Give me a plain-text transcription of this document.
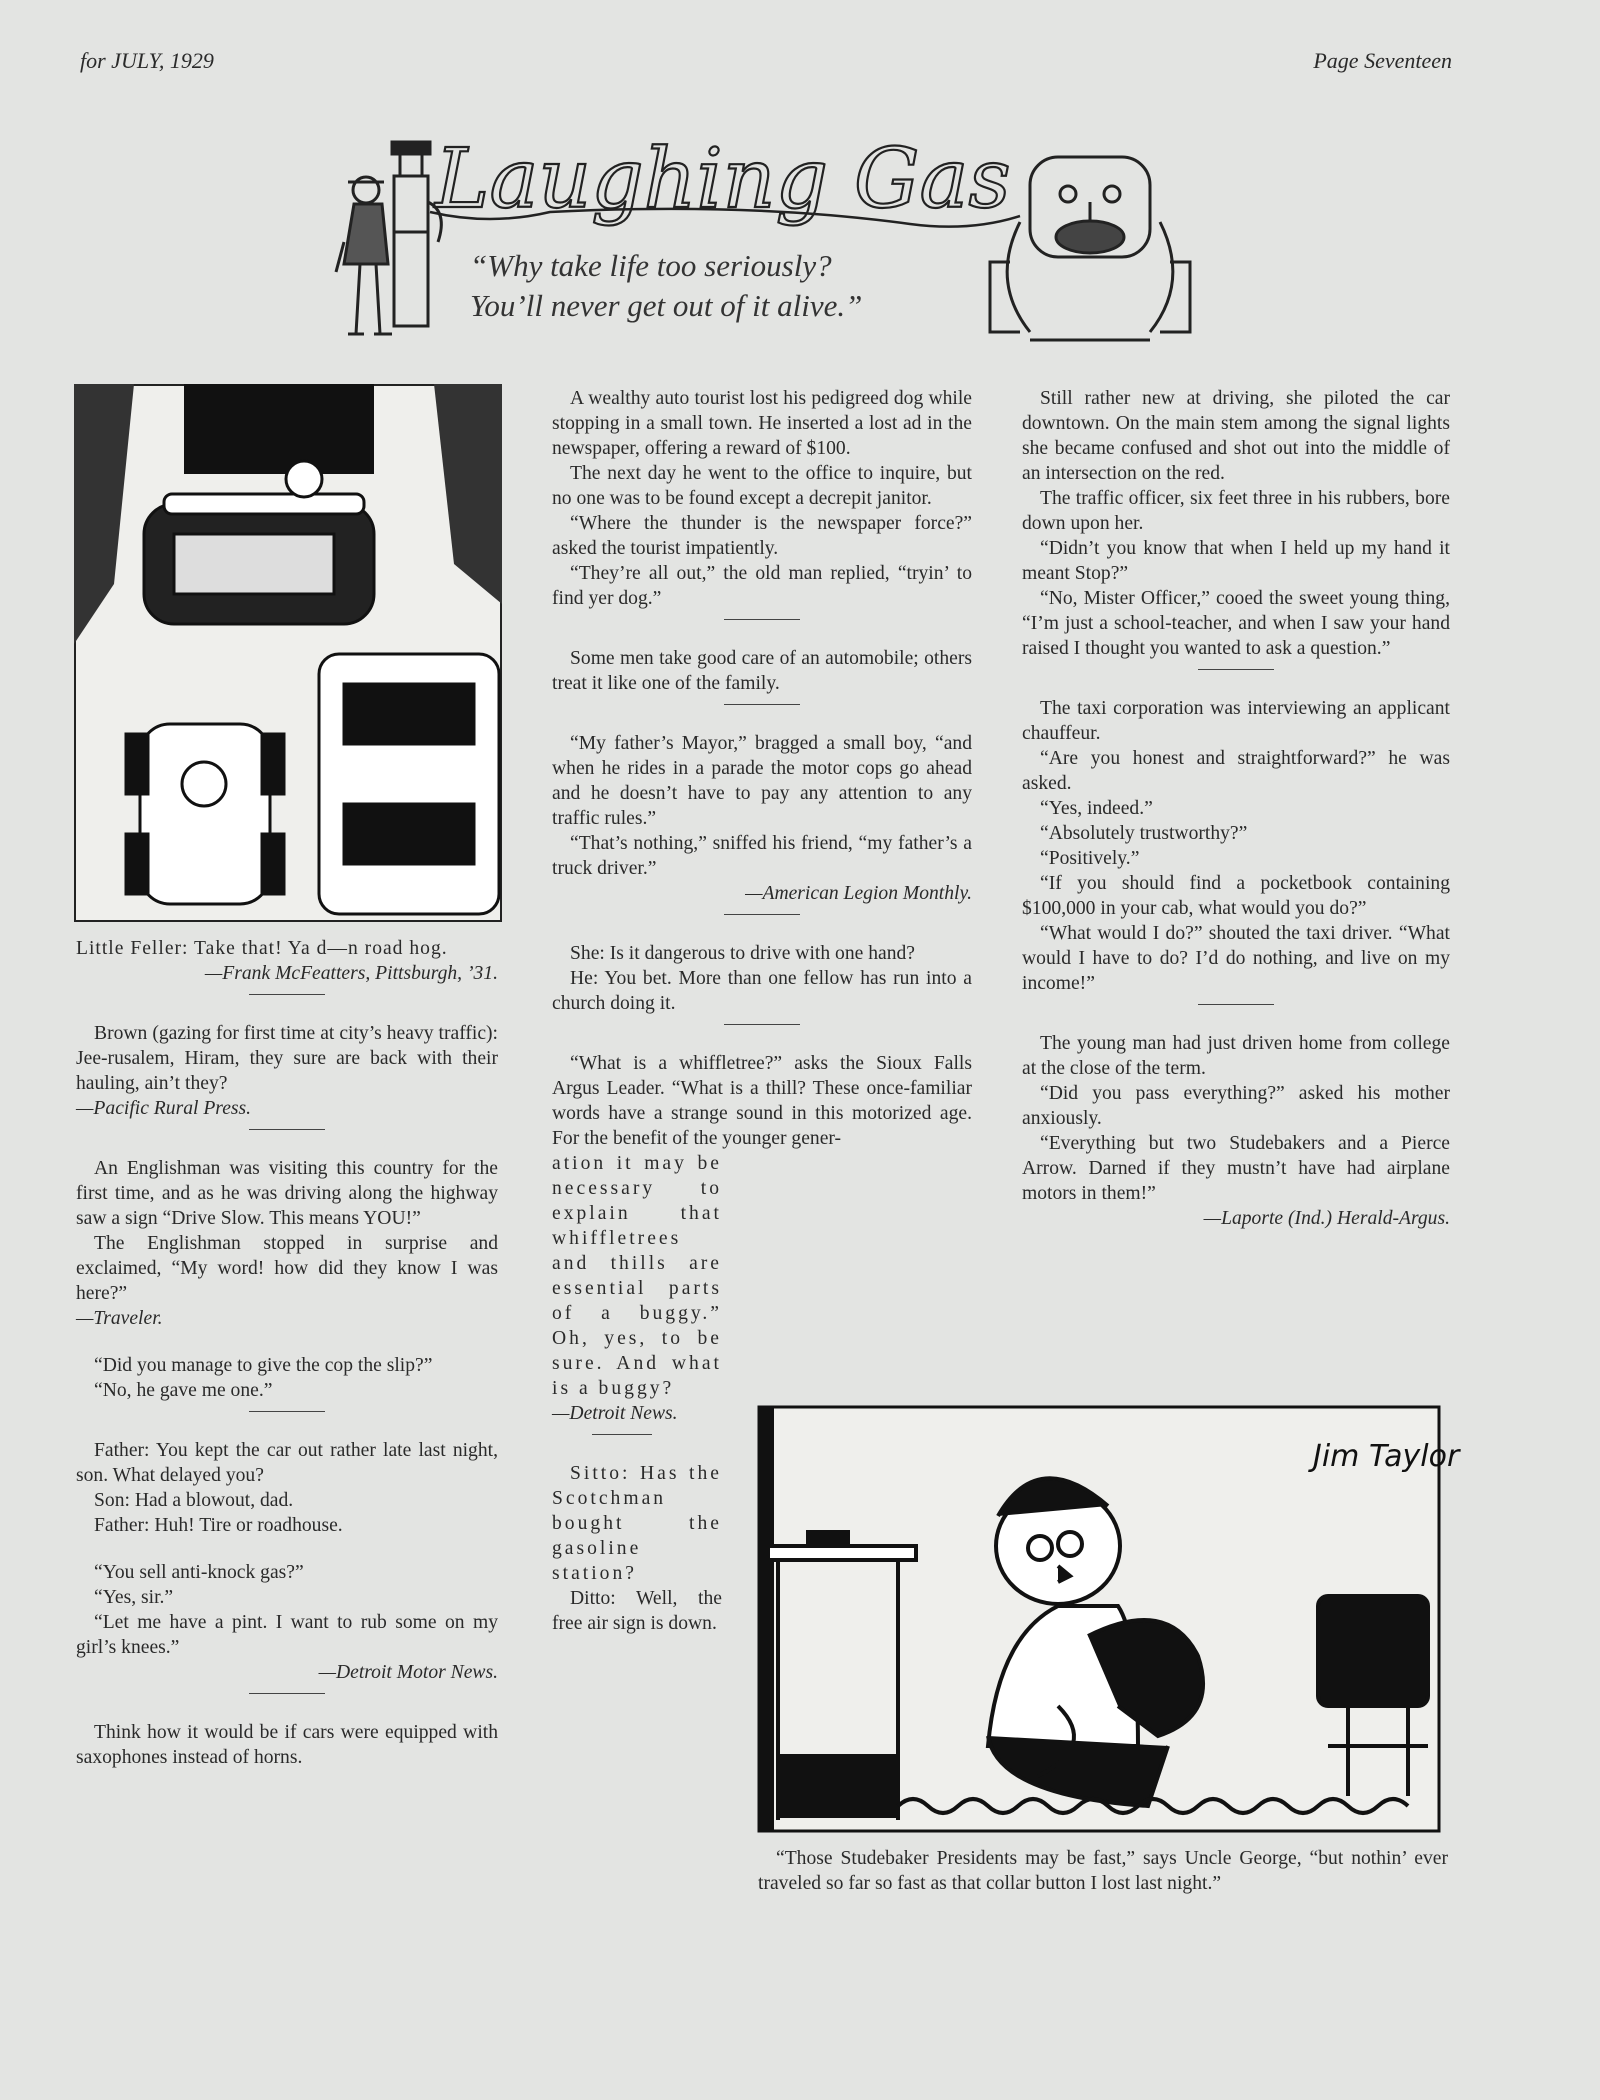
for JULY, 1929	Page Seventeen
Laughing Gas
“Why take life too seriously?
You’ll never get out of it alive.”

Little Feller: Take that! Ya d—n road hog.

—Frank McFeatters, Pittsburgh, ’31.

Brown (gazing for first time at city’s heavy traffic): Jee-rusalem, Hiram, they sure are back with their hauling, ain’t they?

—Pacific Rural Press.

An Englishman was visiting this country for the first time, and as he was driving along the highway saw a sign “Drive Slow. This means YOU!”

The Englishman stopped in surprise and exclaimed, “My word! how did they know I was here?”

—Traveler.

“Did you manage to give the cop the slip?”

“No, he gave me one.”

Father: You kept the car out rather late last night, son. What delayed you?

Son: Had a blowout, dad.

Father: Huh! Tire or roadhouse.

“You sell anti-knock gas?”

“Yes, sir.”

“Let me have a pint. I want to rub some on my girl’s knees.”

—Detroit Motor News.

Think how it would be if cars were equipped with saxophones instead of horns.

A wealthy auto tourist lost his pedigreed dog while stopping in a small town. He inserted a lost ad in the newspaper, offering a reward of $100.

The next day he went to the office to inquire, but no one was to be found except a decrepit janitor.

“Where the thunder is the newspaper force?” asked the tourist impatiently.

“They’re all out,” the old man replied, “tryin’ to find yer dog.”

Some men take good care of an automobile; others treat it like one of the family.

“My father’s Mayor,” bragged a small boy, “and when he rides in a parade the motor cops go ahead and he doesn’t have to pay any attention to any traffic rules.”

“That’s nothing,” sniffed his friend, “my father’s a truck driver.”

—American Legion Monthly.

She: Is it dangerous to drive with one hand?

He: You bet. More than one fellow has run into a church doing it.

“What is a whiffletree?” asks the Sioux Falls Argus Leader. “What is a thill? These once-familiar words have a strange sound in this motorized age. For the benefit of the younger gener-

ation it may be necessary to explain that whiffletrees and thills are essential parts of a buggy.” Oh, yes, to be sure. And what is a buggy?

—Detroit News.

Sitto: Has the Scotchman bought the gasoline station?

Ditto: Well, the free air sign is down.

Still rather new at driving, she piloted the car downtown. On the main stem among the signal lights she became confused and shot out into the middle of an intersection on the red.

The traffic officer, six feet three in his rubbers, bore down upon her.

“Didn’t you know that when I held up my hand it meant Stop?”

“No, Mister Officer,” cooed the sweet young thing, “I’m just a school-teacher, and when I saw your hand raised I thought you wanted to ask a question.”

The taxi corporation was interviewing an applicant chauffeur.

“Are you honest and straightforward?” he was asked.

“Yes, indeed.”

“Absolutely trustworthy?”

“Positively.”

“If you should find a pocketbook containing $100,000 in your cab, what would you do?”

“What would I do?” shouted the taxi driver. “What would I have to do? I’d do nothing, and live on my income!”

The young man had just driven home from college at the close of the term.

“Did you pass everything?” asked his mother anxiously.

“Everything but two Studebakers and a Pierce Arrow. Darned if they mustn’t have had airplane motors in them!”

—Laporte (Ind.) Herald-Argus.

Jim Taylor
“Those Studebaker Presidents may be fast,” says Uncle George, “but nothin’ ever traveled so far so fast as that collar button I lost last night.”
